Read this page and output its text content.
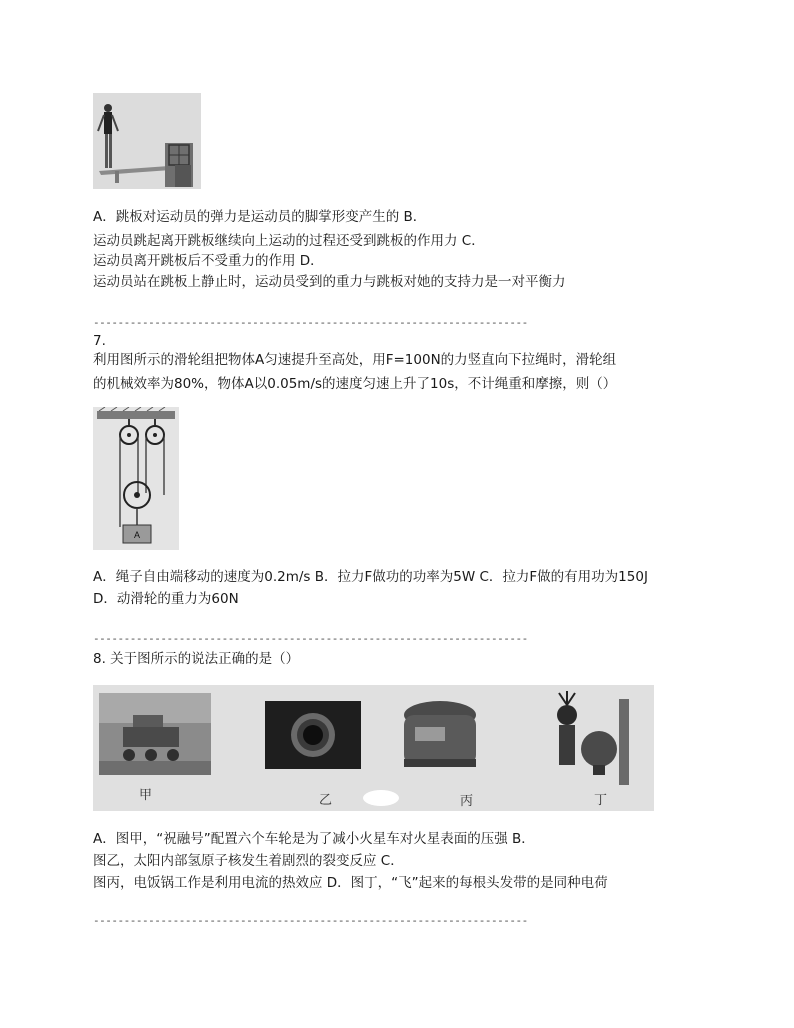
A．跳板对运动员的弹力是运动员的脚掌形变产生的 B．
运动员跳起离开跳板继续向上运动的过程还受到跳板的作用力 C．
运动员离开跳板后不受重力的作用 D．
运动员站在跳板上静止时，运动员受到的重力与跳板对她的支持力是一对平衡力
-----------------------------------------------------------------------
7.
利用图所示的滑轮组把物体A匀速提升至高处，用F=100N的力竖直向下拉绳时，滑轮组
的机械效率为80%，物体A以0.05m/s的速度匀速上升了10s，不计绳重和摩擦，则（）
A
A．绳子自由端移动的速度为0.2m/s B．拉力F做功的功率为5W C．拉力F做的有用功为150J
D．动滑轮的重力为60N
-----------------------------------------------------------------------
8. 关于图所示的说法正确的是（）
甲	乙	丙	丁
A．图甲，“祝融号”配置六个车轮是为了减小火星车对火星表面的压强 B．
图乙，太阳内部氢原子核发生着剧烈的裂变反应 C．
图丙，电饭锅工作是利用电流的热效应 D．图丁，“飞”起来的每根头发带的是同种电荷
-----------------------------------------------------------------------
